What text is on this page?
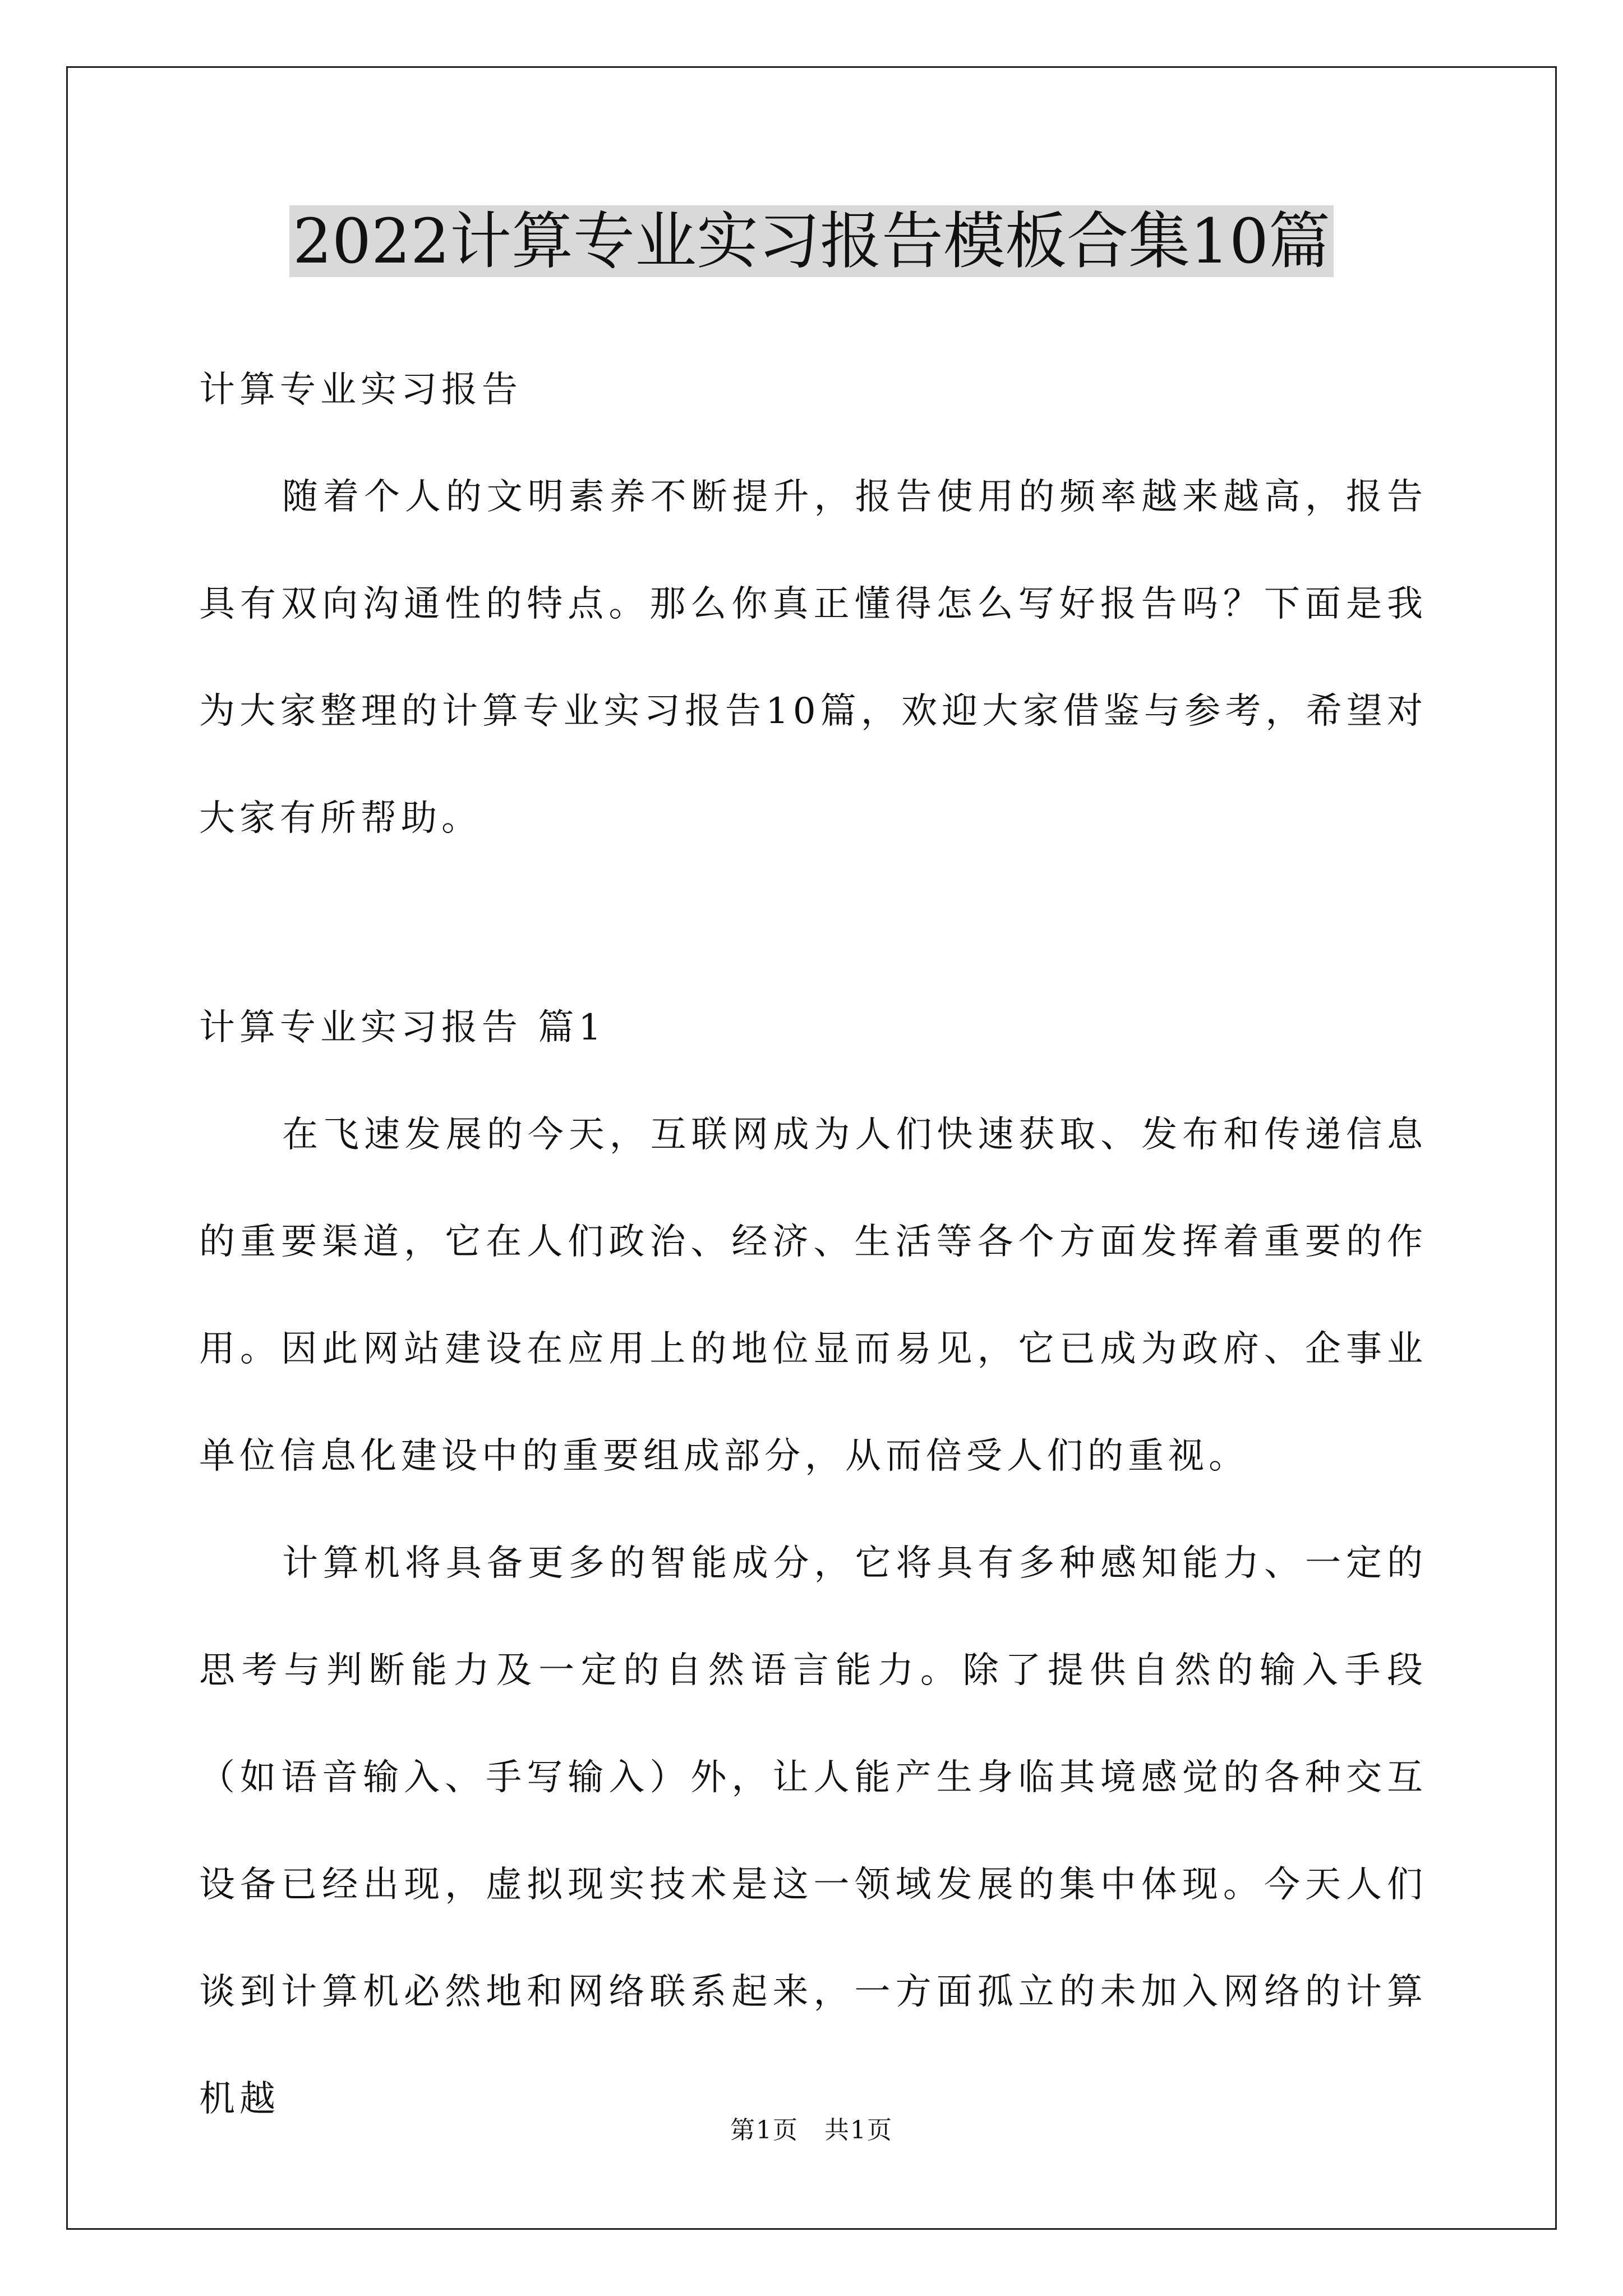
2022计算专业实习报告模板合集10篇

计算专业实习报告

随着个人的文明素养不断提升，报告使用的频率越来越高，报告具有双向沟通性的特点。那么你真正懂得怎么写好报告吗？下面是我为大家整理的计算专业实习报告10篇，欢迎大家借鉴与参考，希望对大家有所帮助。

计算专业实习报告 篇1

在飞速发展的今天，互联网成为人们快速获取、发布和传递信息的重要渠道，它在人们政治、经济、生活等各个方面发挥着重要的作用。因此网站建设在应用上的地位显而易见，它已成为政府、企事业单位信息化建设中的重要组成部分，从而倍受人们的重视。

计算机将具备更多的智能成分，它将具有多种感知能力、一定的思考与判断能力及一定的自然语言能力。除了提供自然的输入手段（如语音输入、手写输入）外，让人能产生身临其境感觉的各种交互设备已经出现，虚拟现实技术是这一领域发展的集中体现。今天人们谈到计算机必然地和网络联系起来，一方面孤立的未加入网络的计算机越

第1页　共1页
